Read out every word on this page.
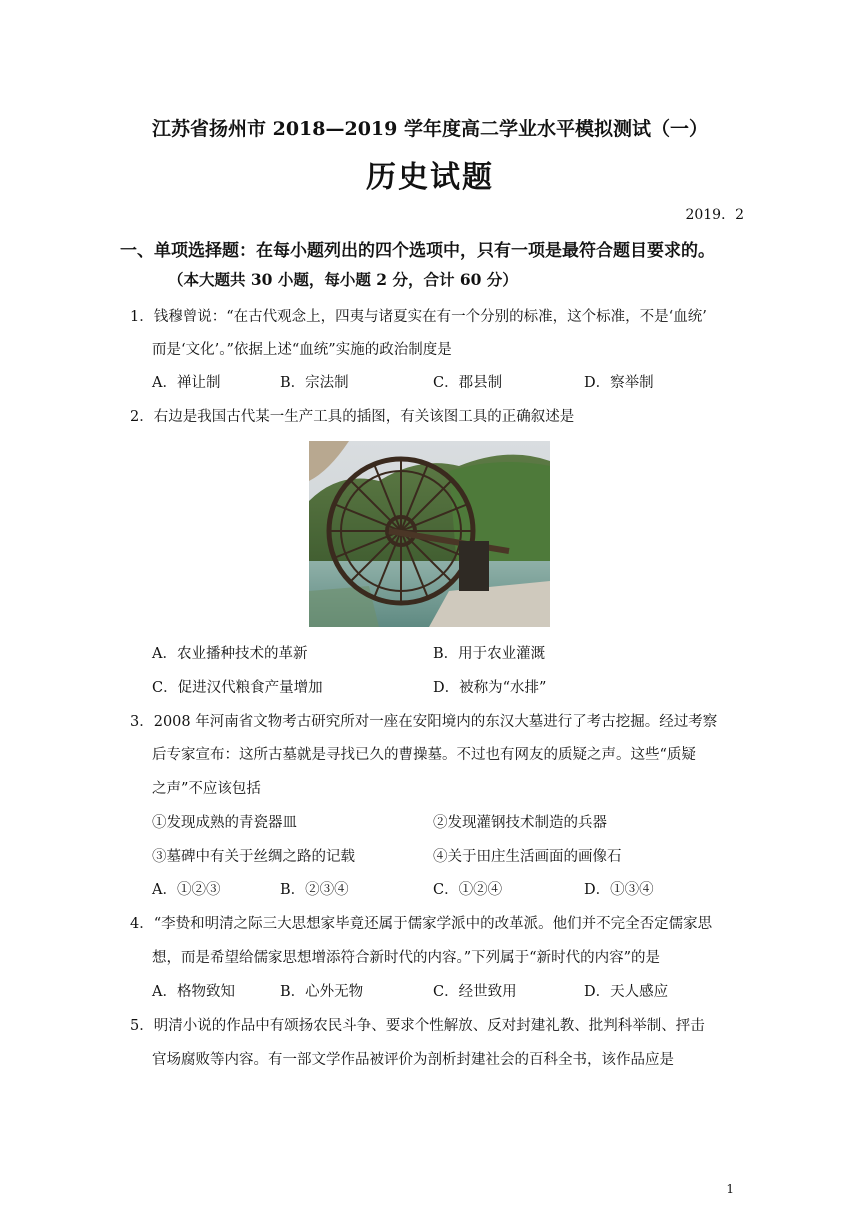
江苏省扬州市 2018—2019 学年度高二学业水平模拟测试（一）
历史试题
2019．2
一、单项选择题：在每小题列出的四个选项中，只有一项是最符合题目要求的。
（本大题共 30 小题，每小题 2 分，合计 60 分）
1．钱穆曾说：“在古代观念上，四夷与诸夏实在有一个分别的标准，这个标准，不是‘血统’
而是‘文化’。”依据上述“血统”实施的政治制度是
A．禅让制	B．宗法制	C．郡县制	D．察举制
2．右边是我国古代某一生产工具的插图，有关该图工具的正确叙述是
A．农业播种技术的革新	B．用于农业灌溉
C．促进汉代粮食产量增加	D．被称为“水排”
3．2008 年河南省文物考古研究所对一座在安阳境内的东汉大墓进行了考古挖掘。经过考察
后专家宣布：这所古墓就是寻找已久的曹操墓。不过也有网友的质疑之声。这些“质疑
之声”不应该包括
①发现成熟的青瓷器皿	②发现灌钢技术制造的兵器
③墓碑中有关于丝绸之路的记载	④关于田庄生活画面的画像石
A．①②③	B．②③④	C．①②④	D．①③④
4．“李贽和明清之际三大思想家毕竟还属于儒家学派中的改革派。他们并不完全否定儒家思
想，而是希望给儒家思想增添符合新时代的内容。”下列属于“新时代的内容”的是
A．格物致知	B．心外无物	C．经世致用	D．天人感应
5．明清小说的作品中有颂扬农民斗争、要求个性解放、反对封建礼教、批判科举制、抨击
官场腐败等内容。有一部文学作品被评价为剖析封建社会的百科全书，该作品应是
1
